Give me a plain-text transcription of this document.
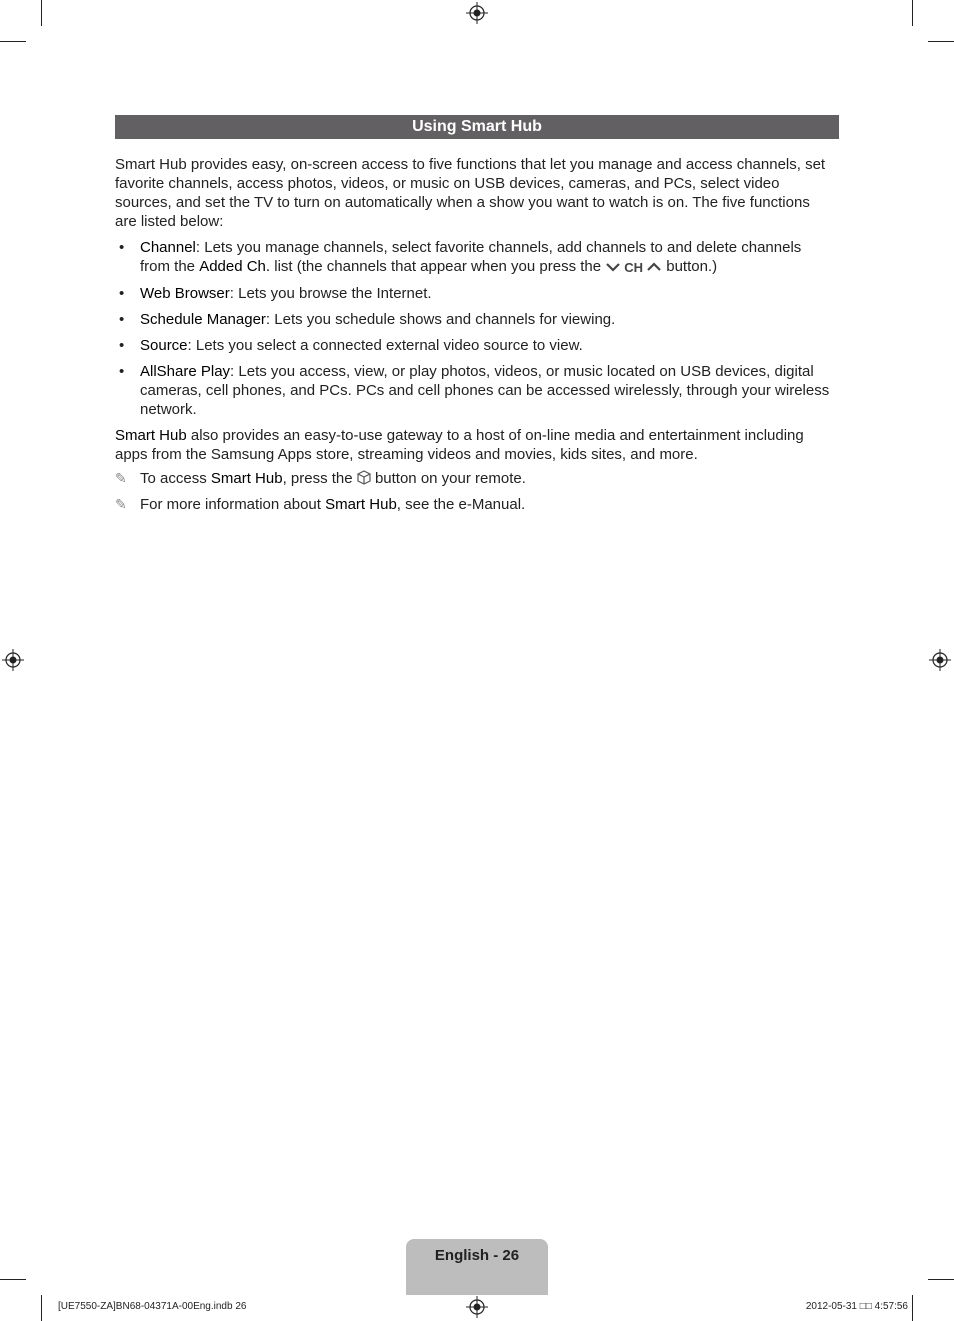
Using Smart Hub

Smart Hub provides easy, on-screen access to five functions that let you manage and access channels, set favorite channels, access photos, videos, or music on USB devices, cameras, and PCs, select video sources, and set the TV to turn on automatically when a show you want to watch is on. The five functions are listed below:

• Channel: Lets you manage channels, select favorite channels, add channels to and delete channels from the Added Ch. list (the channels that appear when you press the CH button.)
• Web Browser: Lets you browse the Internet.
• Schedule Manager: Lets you schedule shows and channels for viewing.
• Source: Lets you select a connected external video source to view.
• AllShare Play: Lets you access, view, or play photos, videos, or music located on USB devices, digital cameras, cell phones, and PCs. PCs and cell phones can be accessed wirelessly, through your wireless network.

Smart Hub also provides an easy-to-use gateway to a host of on-line media and entertainment including apps from the Samsung Apps store, streaming videos and movies, kids sites, and more.

✎ To access Smart Hub, press the  button on your remote.
✎ For more information about Smart Hub, see the e-Manual.
English - 26
[UE7550-ZA]BN68-04371A-00Eng.indb 26	2012-05-31 □□ 4:57:56
